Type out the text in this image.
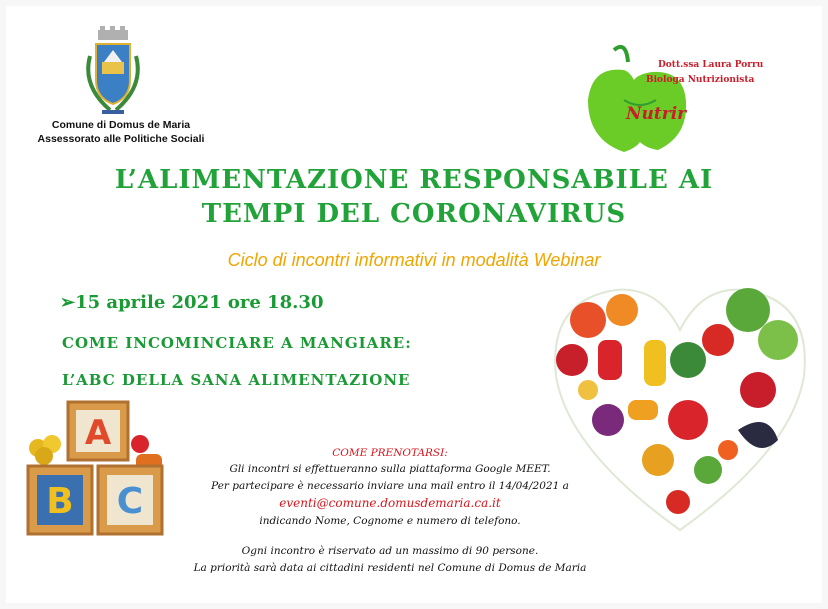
Comune di Domus de Maria
Assessorato alle Politiche Sociali
Dott.ssa Laura Porru
Biologa Nutrizionista
Nutrir
L’ALIMENTAZIONE RESPONSABILE AI
TEMPI DEL CORONAVIRUS
Ciclo di incontri informativi in modalità Webinar
➢15 aprile 2021 ore 18.30
COME INCOMINCIARE A MANGIARE:
L’ABC DELLA SANA ALIMENTAZIONE
A
B C
COME PRENOTARSI:
Gli incontri si effettueranno sulla piattaforma Google MEET.
Per partecipare è necessario inviare una mail entro il 14/04/2021 a
eventi@comune.domusdemaria.ca.it
indicando Nome, Cognome e numero di telefono.
Ogni incontro è riservato ad un massimo di 90 persone.
La priorità sarà data ai cittadini residenti nel Comune di Domus de Maria
